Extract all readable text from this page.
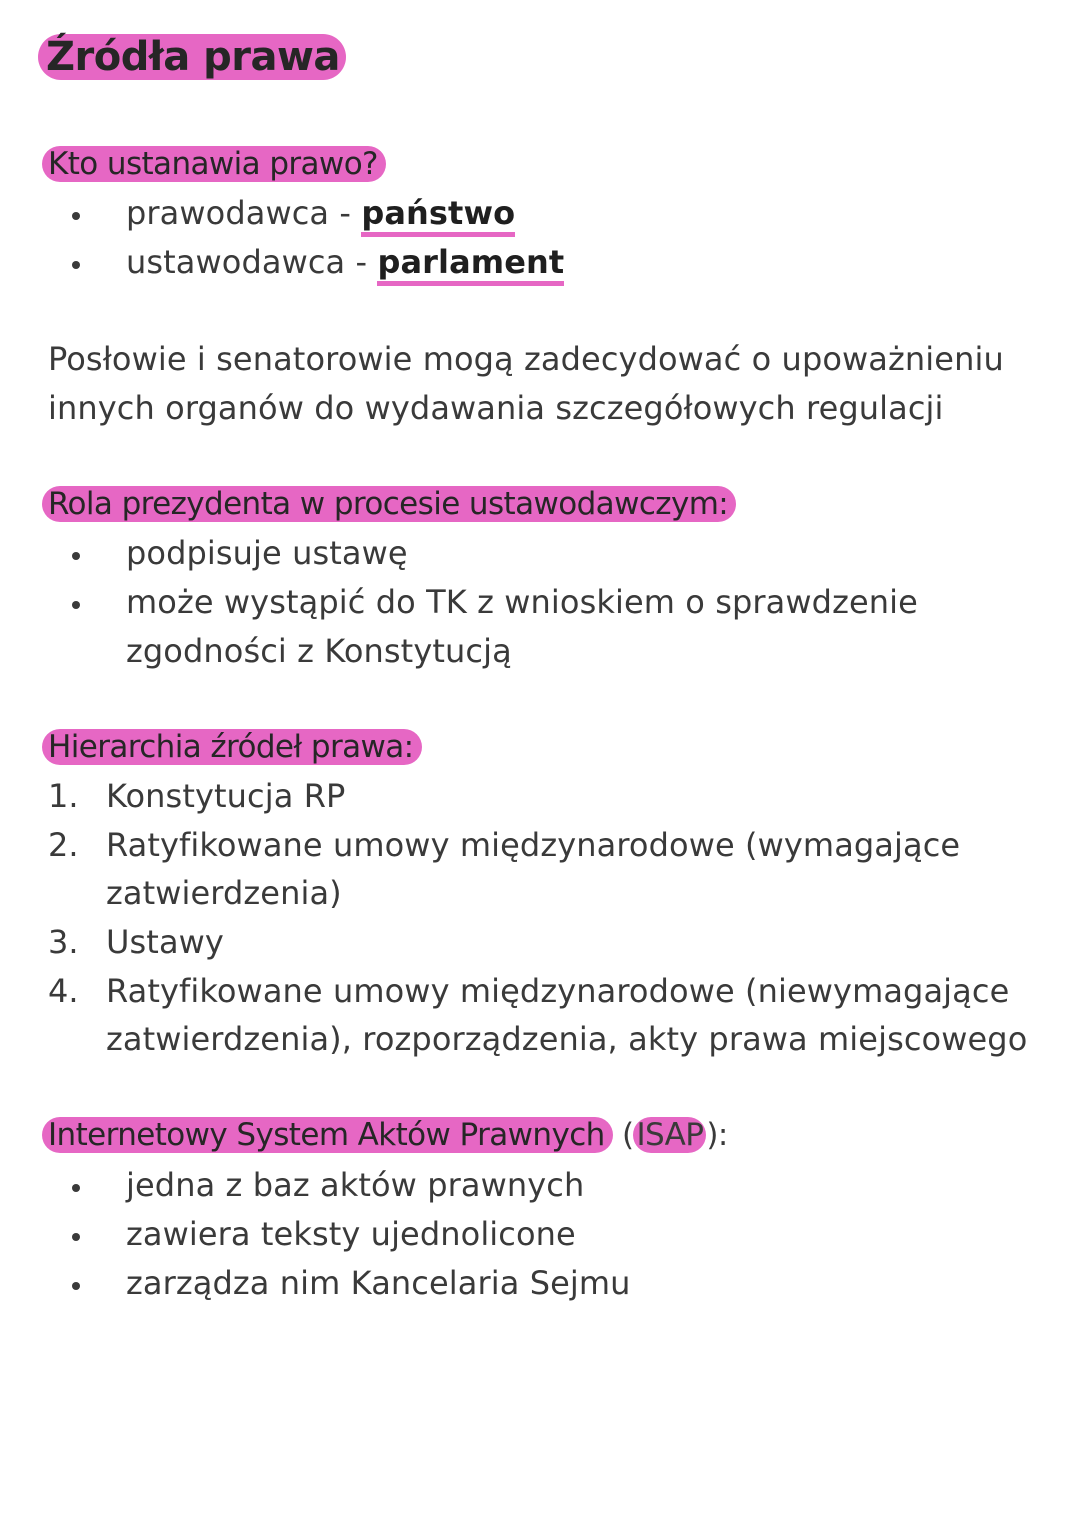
Źródła prawa
Kto ustanawia prawo?
prawodawca - państwo
ustawodawca - parlament
Posłowie i senatorowie mogą zadecydować o upoważnieniu
innych organów do wydawania szczegółowych regulacji
Rola prezydenta w procesie ustawodawczym:
podpisuje ustawę
może wystąpić do TK z wnioskiem o sprawdzenie
zgodności z Konstytucją
Hierarchia źródeł prawa:
1. Konstytucja RP
2. Ratyfikowane umowy międzynarodowe (wymagające
zatwierdzenia)
3. Ustawy
4. Ratyfikowane umowy międzynarodowe (niewymagające
zatwierdzenia), rozporządzenia, akty prawa miejscowego
Internetowy System Aktów Prawnych (ISAP):
jedna z baz aktów prawnych
zawiera teksty ujednolicone
zarządza nim Kancelaria Sejmu
